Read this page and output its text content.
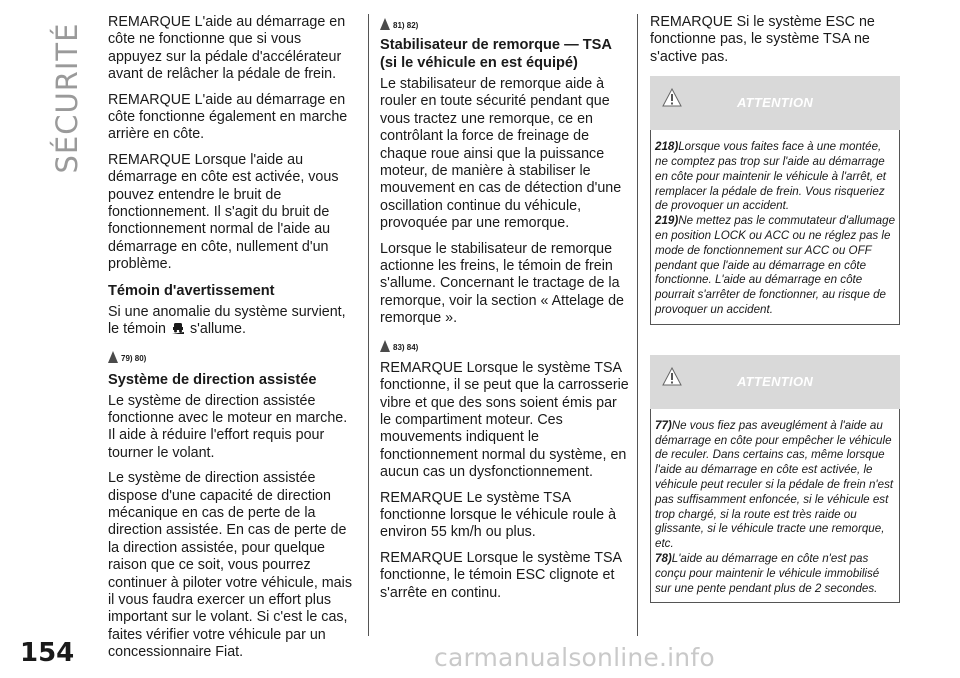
SÉCURITÉ
154

REMARQUE L'aide au démarrage en côte ne fonctionne que si vous appuyez sur la pédale d'accélérateur avant de relâcher la pédale de frein.

REMARQUE L'aide au démarrage en côte fonctionne également en marche arrière en côte.

REMARQUE Lorsque l'aide au démarrage en côte est activée, vous pouvez entendre le bruit de fonctionnement. Il s'agit du bruit de fonctionnement normal de l'aide au démarrage en côte, nullement d'un problème.

Témoin d'avertissement

Si une anomalie du système survient, le témoin s'allume.

79) 80)
Système de direction assistée

Le système de direction assistée fonctionne avec le moteur en marche. Il aide à réduire l'effort requis pour tourner le volant.

Le système de direction assistée dispose d'une capacité de direction mécanique en cas de perte de la direction assistée. En cas de perte de la direction assistée, pour quelque raison que ce soit, vous pourrez continuer à piloter votre véhicule, mais il vous faudra exercer un effort plus important sur le volant. Si c'est le cas, faites vérifier votre véhicule par un concessionnaire Fiat.

81) 82)
Stabilisateur de remorque — TSA (si le véhicule en est équipé)

Le stabilisateur de remorque aide à rouler en toute sécurité pendant que vous tractez une remorque, ce en contrôlant la force de freinage de chaque roue ainsi que la puissance moteur, de manière à stabiliser le mouvement en cas de détection d'une oscillation continue du véhicule, provoquée par une remorque.

Lorsque le stabilisateur de remorque actionne les freins, le témoin de frein s'allume. Concernant le tractage de la remorque, voir la section « Attelage de remorque ».

83) 84)

REMARQUE Lorsque le système TSA fonctionne, il se peut que la carrosserie vibre et que des sons soient émis par le compartiment moteur. Ces mouvements indiquent le fonctionnement normal du système, en aucun cas un dysfonctionnement.

REMARQUE Le système TSA fonctionne lorsque le véhicule roule à environ 55 km/h ou plus.

REMARQUE Lorsque le système TSA fonctionne, le témoin ESC clignote et s'arrête en continu.

REMARQUE Si le système ESC ne fonctionne pas, le système TSA ne s'active pas.

ATTENTION

218)Lorsque vous faites face à une montée, ne comptez pas trop sur l'aide au démarrage en côte pour maintenir le véhicule à l'arrêt, et remplacer la pédale de frein. Vous risqueriez de provoquer un accident.

219)Ne mettez pas le commutateur d'allumage en position LOCK ou ACC ou ne réglez pas le mode de fonctionnement sur ACC ou OFF pendant que l'aide au démarrage en côte fonctionne. L'aide au démarrage en côte pourrait s'arrêter de fonctionner, au risque de provoquer un accident.

ATTENTION

77)Ne vous fiez pas aveuglément à l'aide au démarrage en côte pour empêcher le véhicule de reculer. Dans certains cas, même lorsque l'aide au démarrage en côte est activée, le véhicule peut reculer si la pédale de frein n'est pas suffisamment enfoncée, si le véhicule est trop chargé, si la route est très raide ou glissante, si le véhicule tracte une remorque, etc.

78)L'aide au démarrage en côte n'est pas conçu pour maintenir le véhicule immobilisé sur une pente pendant plus de 2 secondes.

carmanualsonline.info
